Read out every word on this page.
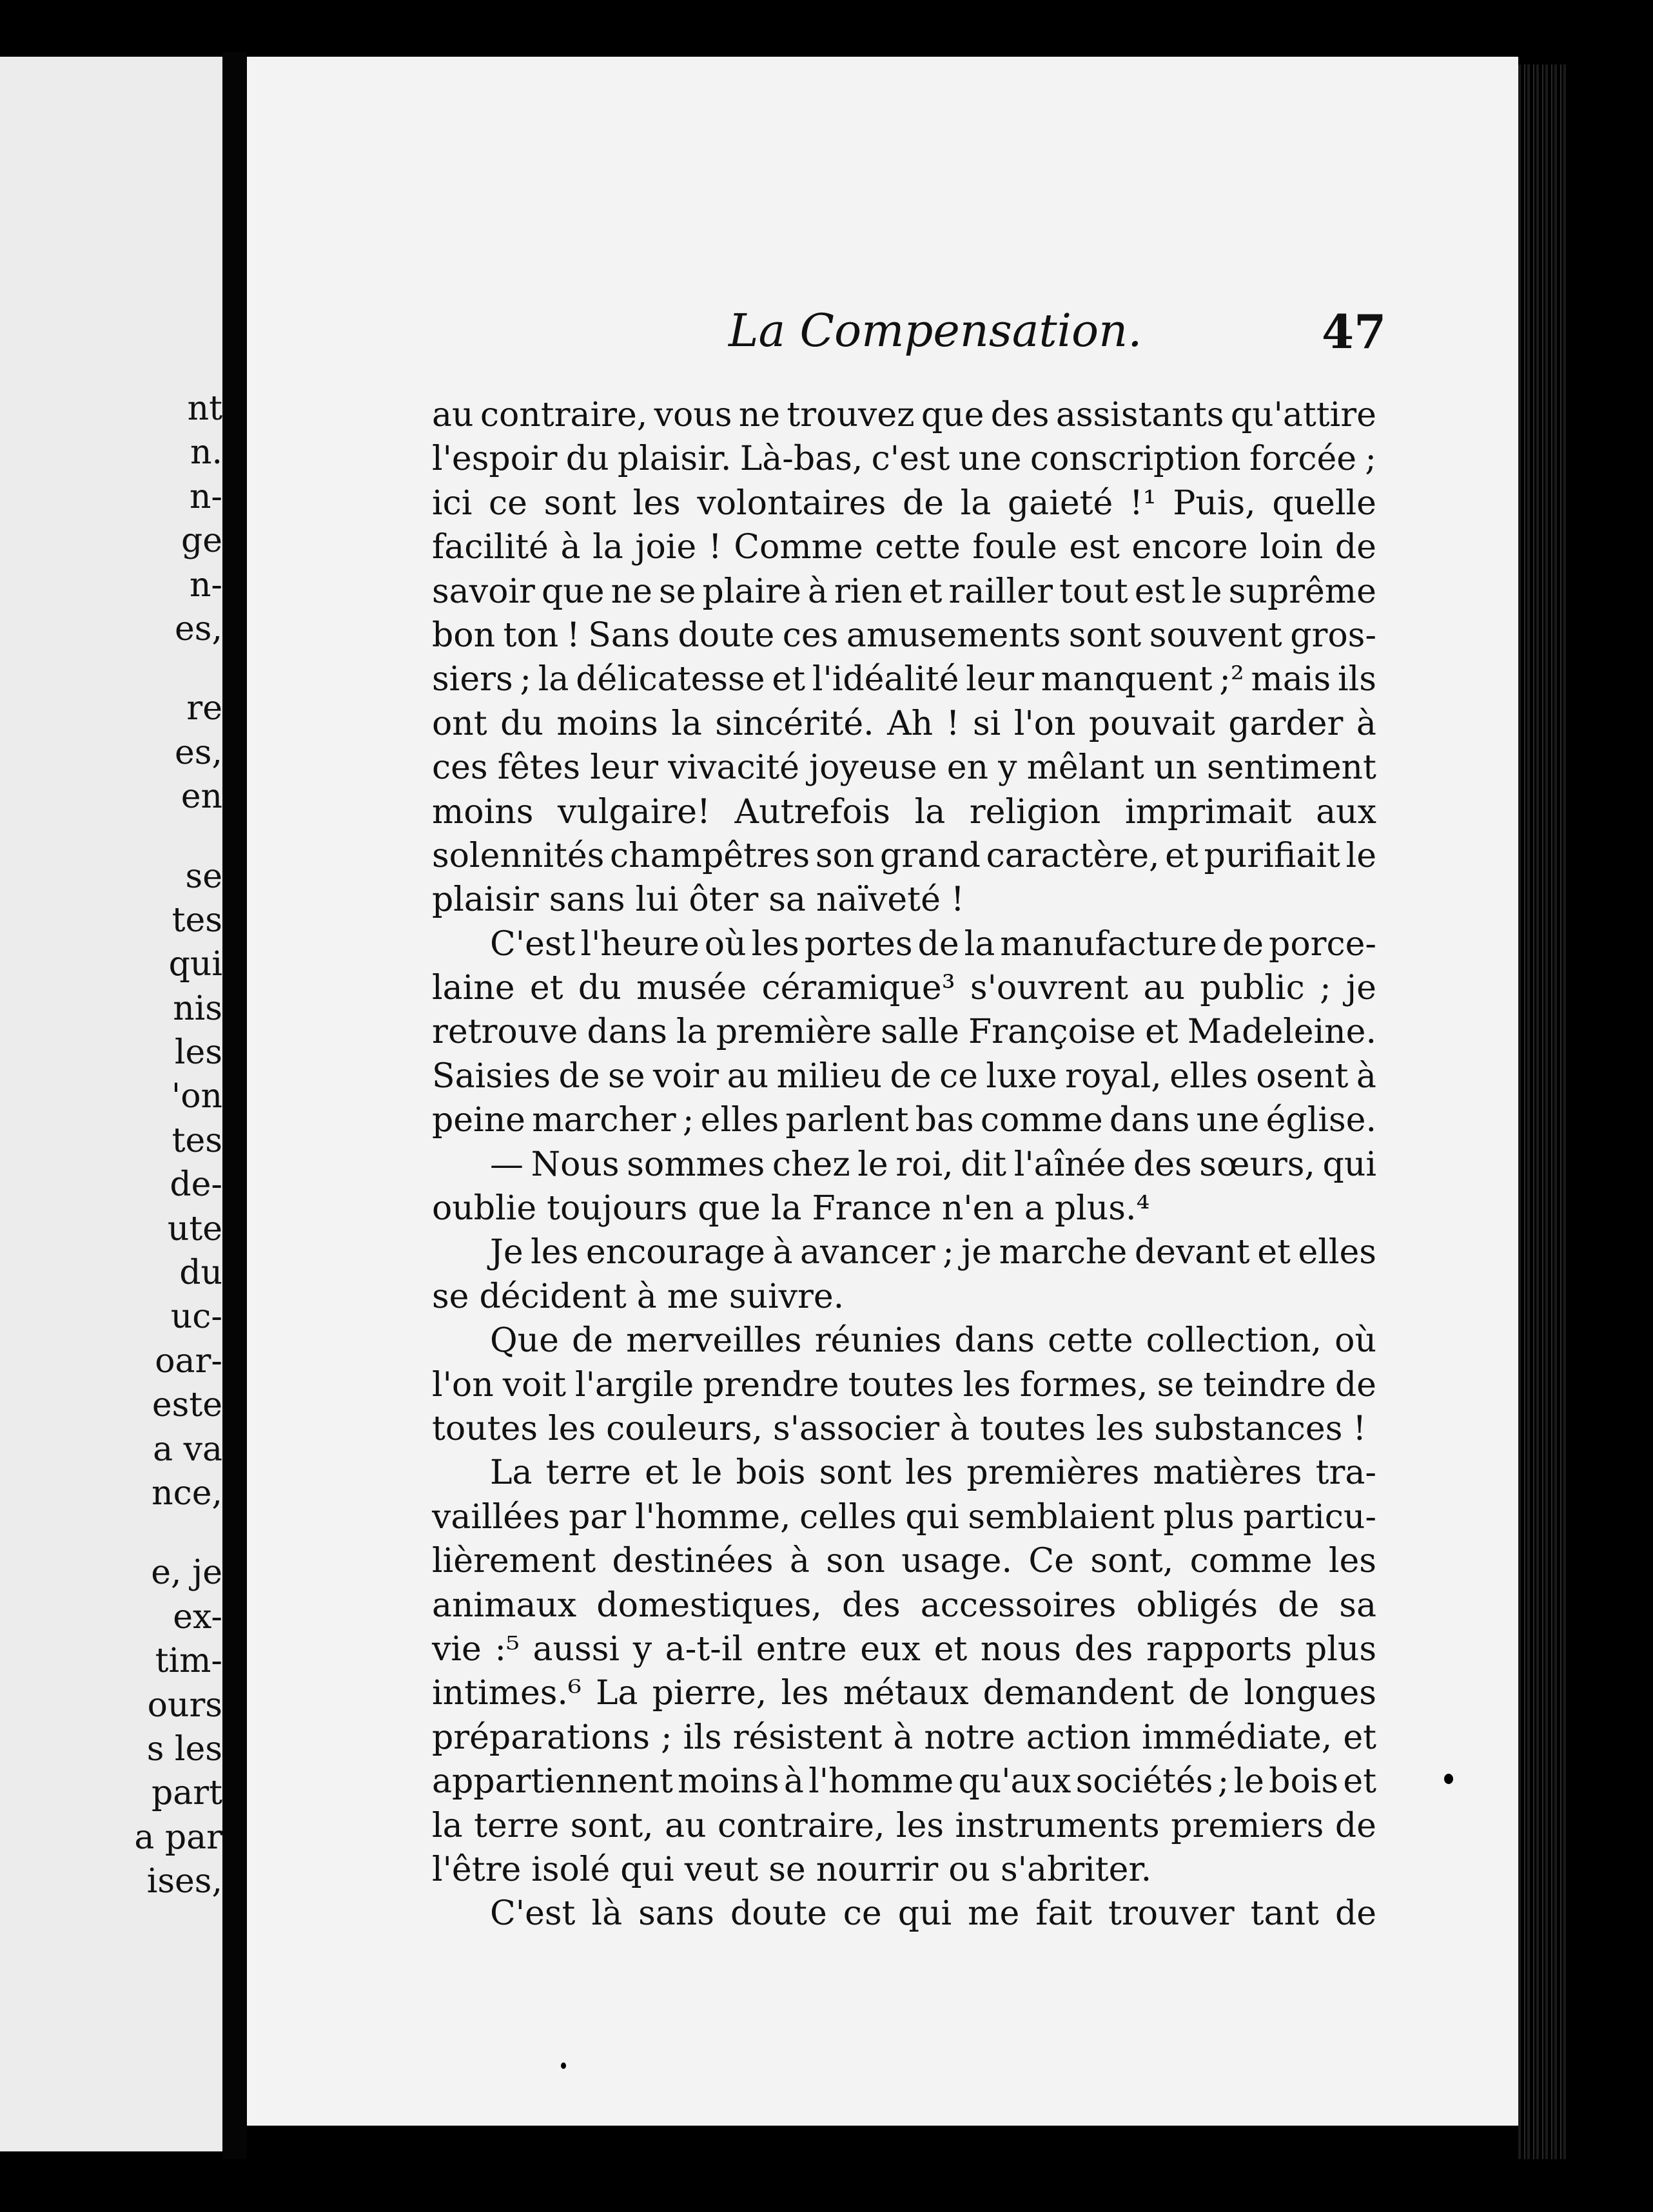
nt
n.
n-
ge
n-
es,
re
es,
en
se
tes
qui
nis
les
'on
tes
de-
ute
du
uc-
oar-
este
a va
nce,
e, je
ex-
tim-
ours
s les
part
a par
ises,
La Compensation.	47
au contraire, vous ne trouvez que des assistants qu'attire
l'espoir du plaisir. Là-bas, c'est une conscription forcée ;
ici ce sont les volontaires de la gaieté !¹ Puis, quelle
facilité à la joie ! Comme cette foule est encore loin de
savoir que ne se plaire à rien et railler tout est le suprême
bon ton ! Sans doute ces amusements sont souvent gros-
siers ; la délicatesse et l'idéalité leur manquent ;² mais ils
ont du moins la sincérité. Ah ! si l'on pouvait garder à
ces fêtes leur vivacité joyeuse en y mêlant un sentiment
moins vulgaire! Autrefois la religion imprimait aux
solennités champêtres son grand caractère, et purifiait le
plaisir sans lui ôter sa naïveté !
C'est l'heure où les portes de la manufacture de porce-
laine et du musée céramique³ s'ouvrent au public ; je
retrouve dans la première salle Françoise et Madeleine.
Saisies de se voir au milieu de ce luxe royal, elles osent à
peine marcher ; elles parlent bas comme dans une église.
— Nous sommes chez le roi, dit l'aînée des sœurs, qui
oublie toujours que la France n'en a plus.⁴
Je les encourage à avancer ; je marche devant et elles
se décident à me suivre.
Que de merveilles réunies dans cette collection, où
l'on voit l'argile prendre toutes les formes, se teindre de
toutes les couleurs, s'associer à toutes les substances !
La terre et le bois sont les premières matières tra-
vaillées par l'homme, celles qui semblaient plus particu-
lièrement destinées à son usage. Ce sont, comme les
animaux domestiques, des accessoires obligés de sa
vie :⁵ aussi y a-t-il entre eux et nous des rapports plus
intimes.⁶ La pierre, les métaux demandent de longues
préparations ; ils résistent à notre action immédiate, et
appartiennent moins à l'homme qu'aux sociétés ; le bois et
la terre sont, au contraire, les instruments premiers de
l'être isolé qui veut se nourrir ou s'abriter.
C'est là sans doute ce qui me fait trouver tant de
